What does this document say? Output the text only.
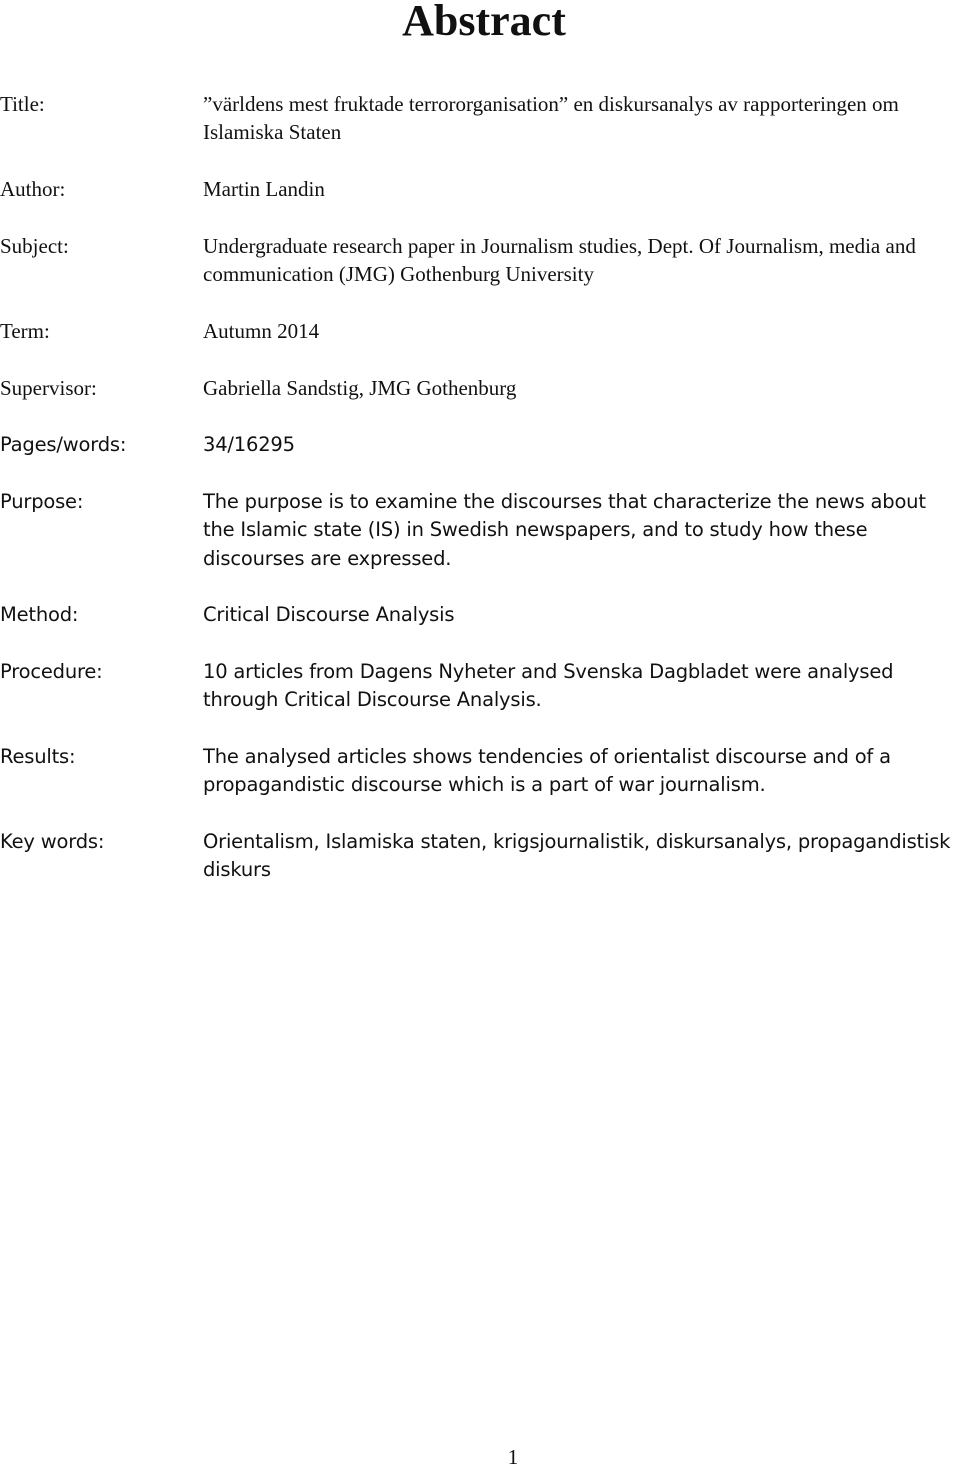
Abstract
Title:	”världens mest fruktade terrororganisation” en diskursanalys av rapporteringen om Islamiska Staten
Author:	Martin Landin
Subject:	Undergraduate research paper in Journalism studies, Dept. Of Journalism, media and communication (JMG) Gothenburg University
Term:	Autumn 2014
Supervisor:	Gabriella Sandstig, JMG Gothenburg
Pages/words:	34/16295
Purpose:	The purpose is to examine the discourses that characterize the news about the Islamic state (IS) in Swedish newspapers, and to study how these discourses are expressed.
Method:	Critical Discourse Analysis
Procedure:	10 articles from Dagens Nyheter and Svenska Dagbladet were analysed through Critical Discourse Analysis.
Results:	The analysed articles shows tendencies of orientalist discourse and of a propagandistic discourse which is a part of war journalism.
Key words:	Orientalism, Islamiska staten, krigsjournalistik, diskursanalys, propagandistisk diskurs
1
